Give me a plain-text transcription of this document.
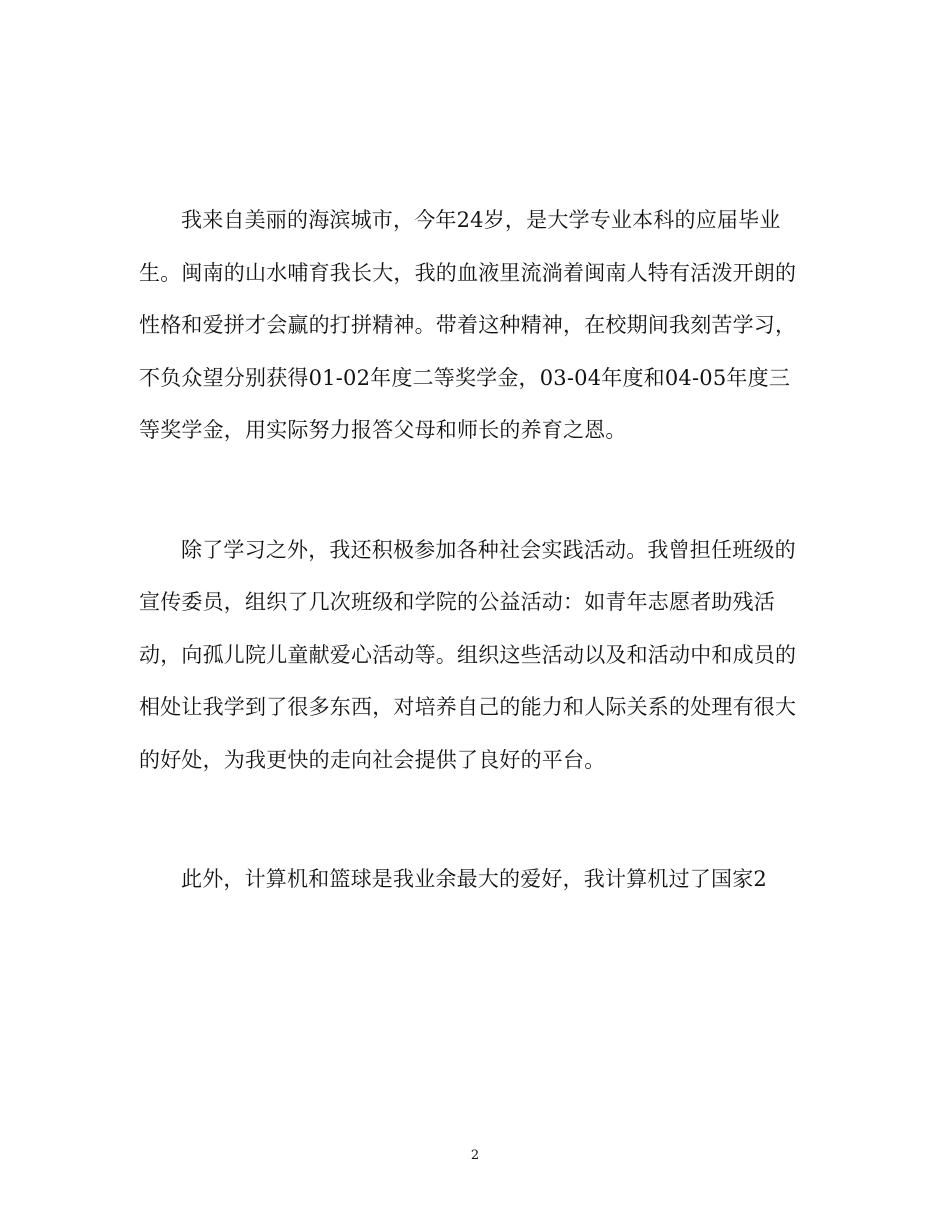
我来自美丽的海滨城市，今年24岁，是大学专业本科的应届毕业
生。闽南的山水哺育我长大，我的血液里流淌着闽南人特有活泼开朗的
性格和爱拼才会赢的打拼精神。带着这种精神，在校期间我刻苦学习，
不负众望分别获得01-02年度二等奖学金，03-04年度和04-05年度三
等奖学金，用实际努力报答父母和师长的养育之恩。

除了学习之外，我还积极参加各种社会实践活动。我曾担任班级的
宣传委员，组织了几次班级和学院的公益活动：如青年志愿者助残活
动，向孤儿院儿童献爱心活动等。组织这些活动以及和活动中和成员的
相处让我学到了很多东西，对培养自己的能力和人际关系的处理有很大
的好处，为我更快的走向社会提供了良好的平台。

此外，计算机和篮球是我业余最大的爱好，我计算机过了国家2

2
